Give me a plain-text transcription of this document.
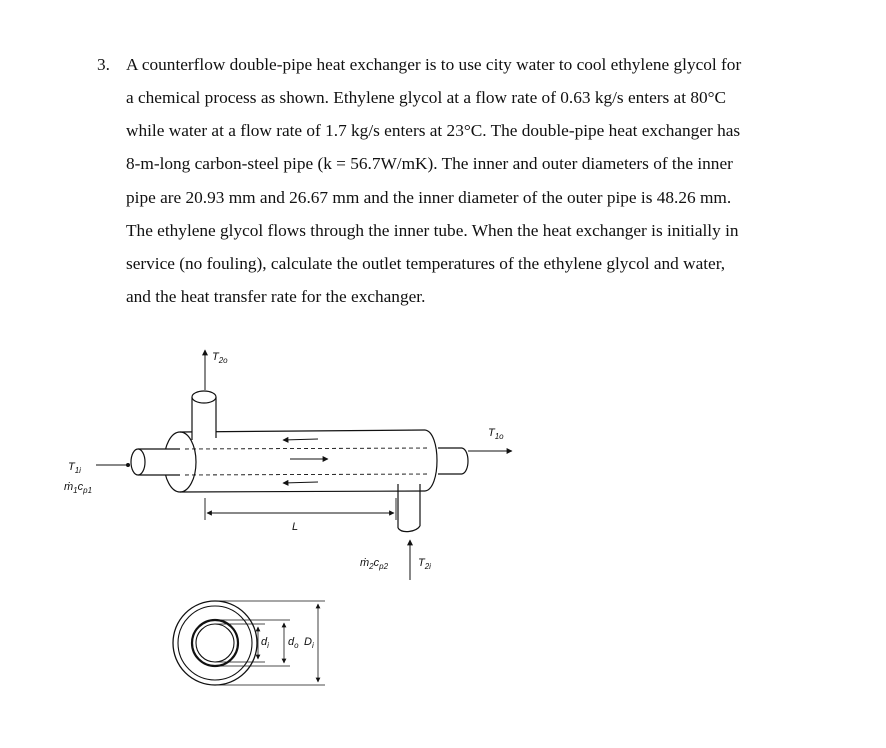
3. A counterflow double-pipe heat exchanger is to use city water to cool ethylene glycol for
a chemical process as shown. Ethylene glycol at a flow rate of 0.63 kg/s enters at 80°C
while water at a flow rate of 1.7 kg/s enters at 23°C. The double-pipe heat exchanger has
8-m-long carbon-steel pipe (k = 56.7W/mK). The inner and outer diameters of the inner
pipe are 20.93 mm and 26.67 mm and the inner diameter of the outer pipe is 48.26 mm.
The ethylene glycol flows through the inner tube. When the heat exchanger is initially in
service (no fouling), calculate the outlet temperatures of the ethylene glycol and water,
and the heat transfer rate for the exchanger.
$T_{2o}$
$T_{1o}$
$T_{1i}$
$ṁ_1c_{p1}$
L
$ṁ_2c_{p2}$	$T_{2i}$
$d_i$ $d_o$ $D_i$
